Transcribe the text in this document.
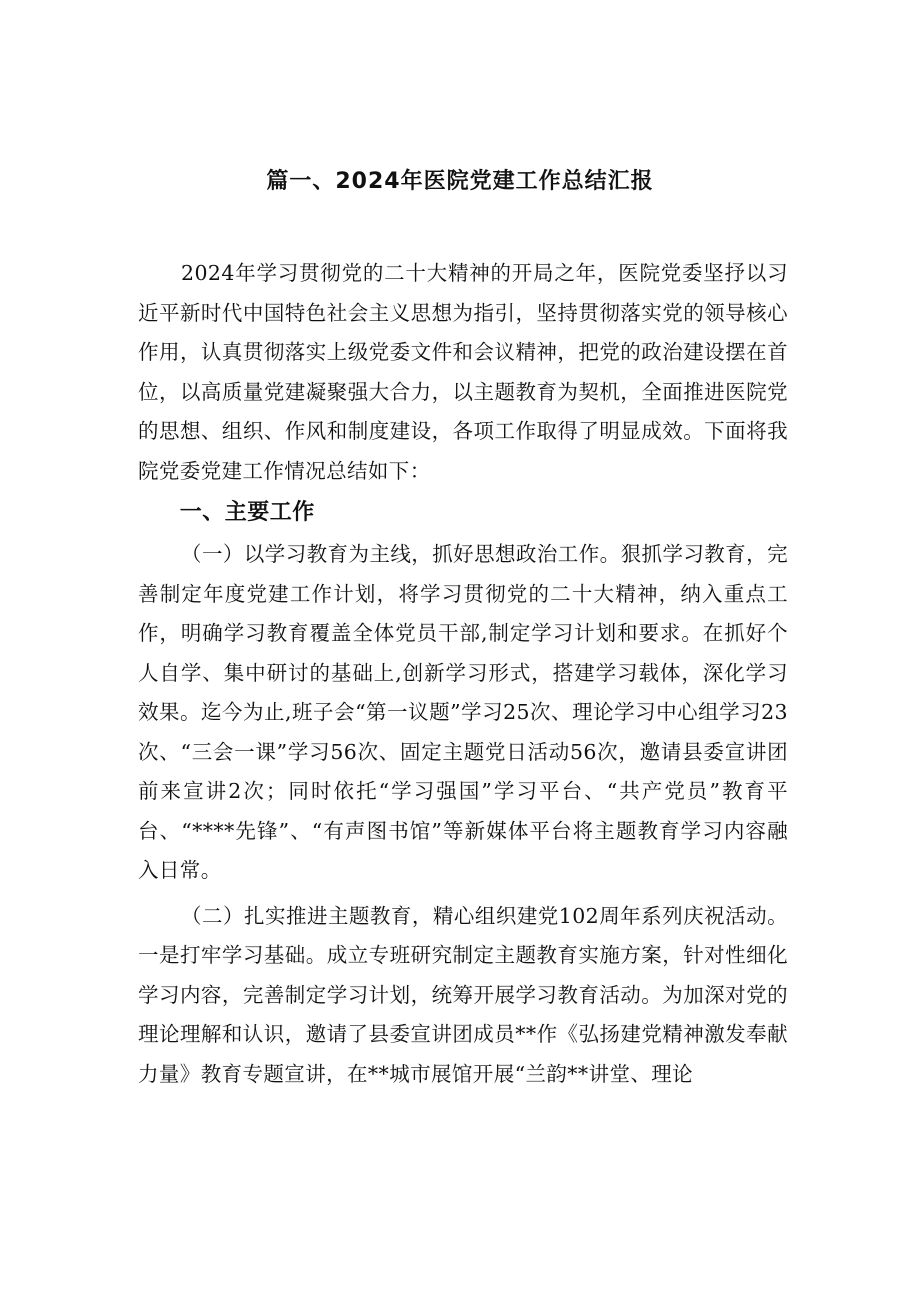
篇一、2024年医院党建工作总结汇报

2024年学习贯彻党的二十大精神的开局之年，医院党委坚抒以习近平新时代中国特色社会主义思想为指引，坚持贯彻落实党的领导核心作用，认真贯彻落实上级党委文件和会议精神，把党的政治建设摆在首位，以高质量党建凝聚强大合力，以主题教育为契机，全面推进医院党的思想、组织、作风和制度建设，各项工作取得了明显成效。下面将我院党委党建工作情况总结如下：

一、主要工作

（一）以学习教育为主线，抓好思想政治工作。狠抓学习教育，完善制定年度党建工作计划，将学习贯彻党的二十大精神，纳入重点工作，明确学习教育覆盖全体党员干部,制定学习计划和要求。在抓好个人自学、集中研讨的基础上,创新学习形式，搭建学习载体，深化学习效果。迄今为止,班子会“第一议题”学习25次、理论学习中心组学习23次、“三会一课”学习56次、固定主题党日活动56次，邀请县委宣讲团前来宣讲2次；同时依托“学习强国”学习平台、“共产党员”教育平台、“****先锋”、“有声图书馆”等新媒体平台将主题教育学习内容融入日常。

（二）扎实推进主题教育，精心组织建党102周年系列庆祝活动。一是打牢学习基础。成立专班研究制定主题教育实施方案，针对性细化学习内容，完善制定学习计划，统筹开展学习教育活动。为加深对党的理论理解和认识，邀请了县委宣讲团成员**作《弘扬建党精神激发奉献力量》教育专题宣讲，在**城市展馆开展“兰韵**讲堂、理论
